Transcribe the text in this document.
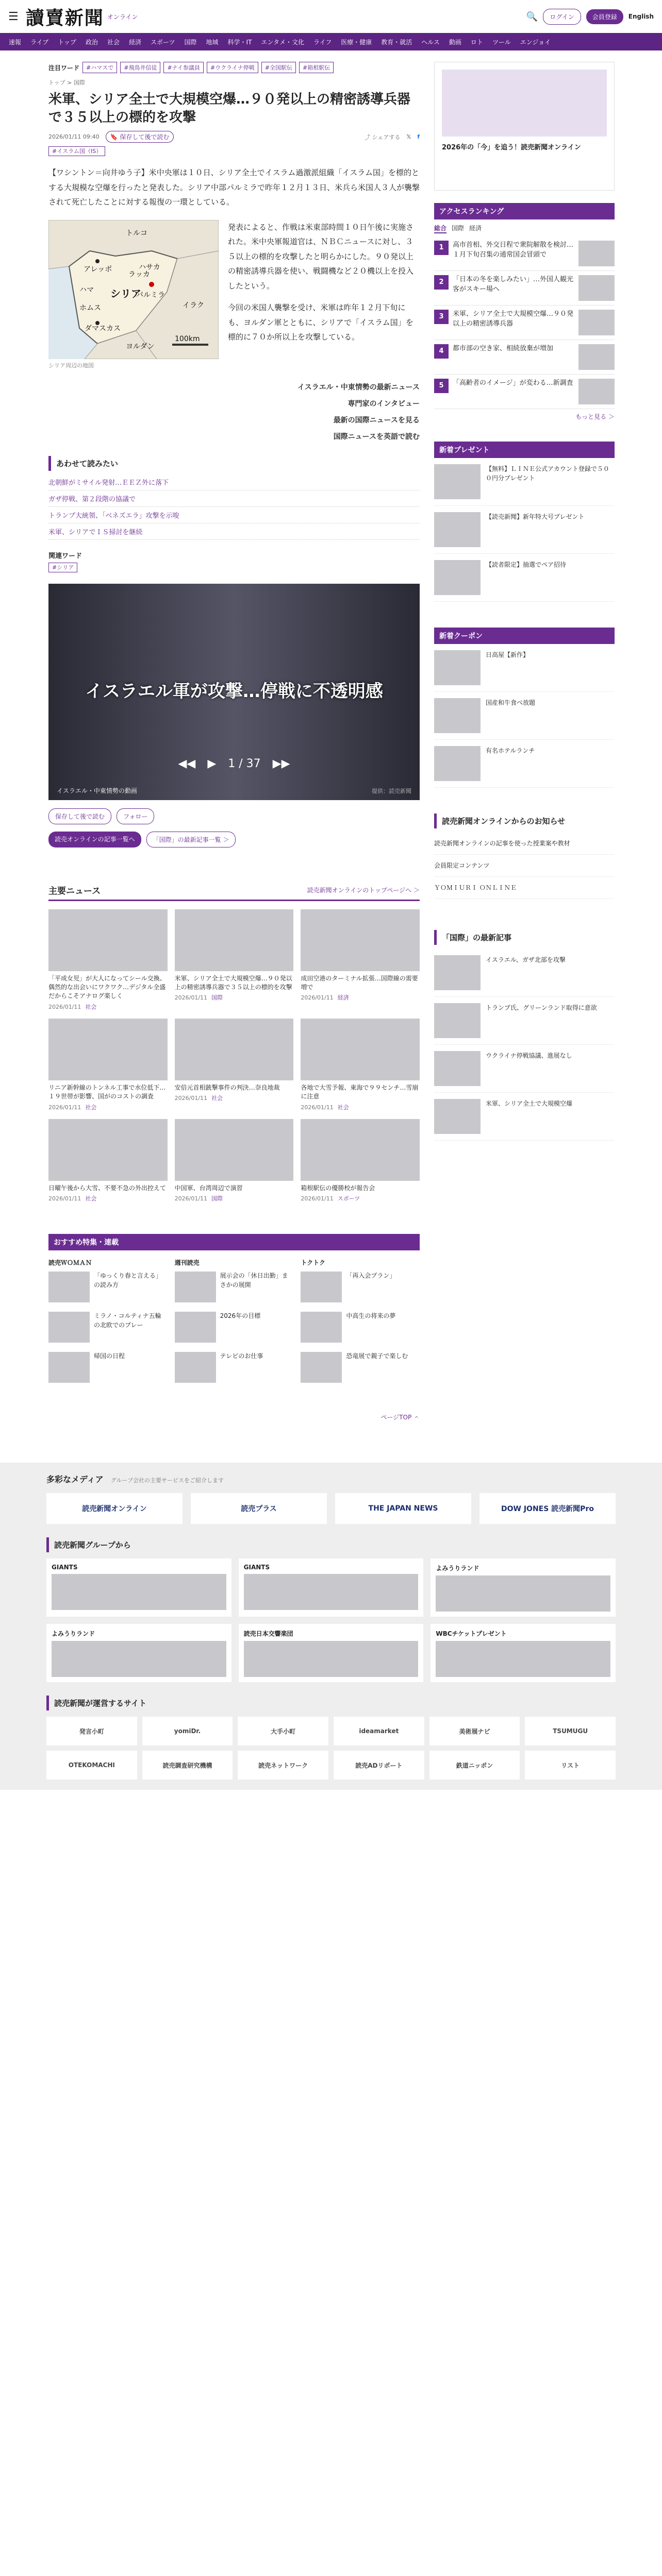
☰ 讀賣新聞 オンライン	🔍	ログイン	会員登録	English
速報	ライブ	トップ	政治	社会	経済	スポーツ	国際	地域	科学・IT	エンタメ・文化	ライフ	医療・健康	教育・就活	ヘルス	動画	ロト	ツール	エンジョイ
注目ワード	#ハマスで	#飛鳥井信徒	#ナイ参議員	#ウクライナ停戦	#全国駅伝	#箱根駅伝
トップ > 国際
米軍、シリア全土で大規模空爆…９０発以上の精密誘導兵器で３５以上の標的を攻撃
2026/01/11 09:40	🔖 保存して後で読む	⤴ シェアする 𝕏 f
#イスラム国（IS）

【ワシントン＝向井ゆう子】米中央軍は１０日、シリア全土でイスラム過激派組織「イスラム国」を標的とする大規模な空爆を行ったと発表した。シリア中部パルミラで昨年１２月１３日、米兵ら米国人３人が襲撃されて死亡したことに対する報復の一環としている。

トルコ
ハサカ
アレッポ
ラッカ
ハマ シリア
ホムス
パルミラ
ダマスカス
イラク
ヨルダン
100km
シリア周辺の地図

発表によると、作戦は米東部時間１０日午後に実施された。米中央軍報道官は、ＮＢＣニュースに対し、３５以上の標的を攻撃したと明らかにした。９０発以上の精密誘導兵器を使い、戦闘機など２０機以上を投入したという。

今回の米国人襲撃を受け、米軍は昨年１２月下旬にも、ヨルダン軍とともに、シリアで「イスラム国」を標的に７０か所以上を攻撃している。

イスラエル・中東情勢の最新ニュース
専門家のインタビュー
最新の国際ニュースを見る
国際ニュースを英語で読む
あわせて読みたい
北朝鮮がミサイル発射…ＥＥＺ外に落下
ガザ停戦、第２段階の協議で
トランプ大統領、「ベネズエラ」攻撃を示唆
米軍、シリアでＩＳ掃討を継続
関連ワード
#シリア
イスラエル軍が攻撃…停戦に不透明感
◀◀ ▶ 1 / 37 ▶▶
イスラエル・中東情勢の動画	提供：読売新聞
保存して後で読む	フォロー
読売オンラインの記事一覧へ	「国際」の最新記事一覧 ＞
主要ニュース	読売新聞オンラインのトップページへ ＞
「平成女児」が大人になってシール交換、偶然的な出会いにワクワク…デジタル全盛だからこそアナログ楽しく
2026/01/11 社会
米軍、シリア全土で大規模空爆…９０発以上の精密誘導兵器で３５以上の標的を攻撃
2026/01/11 国際
成田空港のターミナル拡張…国際線の需要増で
2026/01/11 経済
リニア新幹線のトンネル工事で水位低下…１９世帯が影響、国がのコストの調査
2026/01/11 社会
安倍元首相銃撃事件の判決…奈良地裁
2026/01/11 社会
各地で大雪予報、東海で９９センチ…雪崩に注意
2026/01/11 社会
日曜午後から大雪、不要不急の外出控えて
2026/01/11 社会
中国軍、台湾周辺で演習
2026/01/11 国際
箱根駅伝の優勝校が報告会
2026/01/11 スポーツ
おすすめ特集・連載
読売ＷＯＭＡＮ
「ゆっくり春と言える」の読み方
ミラノ・コルティナ五輪の北欧でのプレー
帰国の日程
週刊読売
展示会の「休日出勤」まさかの展開
2026年の目標
テレビのお仕事
トクトク
「再入会プラン」
中高生の将来の夢
恐竜展で親子で楽しむ
ページTOP ＾

2026年の「今」を追う！読売新聞オンライン

アクセスランキング
総合 国際 経済
1	高市首相、外交日程で衆院解散を検討…１月下旬召集の通常国会冒頭で
2	「日本の冬を楽しみたい」…外国人観光客がスキー場へ
3	米軍、シリア全土で大規模空爆…９０発以上の精密誘導兵器
4	都市部の空き家、相続放棄が増加
5	「高齢者のイメージ」が変わる…新調査
もっと見る ＞
新着プレゼント
【無料】ＬＩＮＥ公式アカウント登録で５００円分プレゼント
【読売新聞】新年特大号プレゼント
【読者限定】抽選でペア招待
新着クーポン
日高屋【新作】
国産和牛食べ放題
有名ホテルランチ
読売新聞オンラインからのお知らせ
読売新聞オンラインの記事を使った授業案や教材
会員限定コンテンツ
ＹＯＭＩＵＲＩ ＯＮＬＩＮＥ
「国際」の最新記事
イスラエル、ガザ北部を攻撃
トランプ氏、グリーンランド取得に意欲
ウクライナ停戦協議、進展なし
米軍、シリア全土で大規模空爆
多彩なメディア グループ会社の主要サービスをご紹介します
読売新聞オンライン	読売プラス	THE JAPAN NEWS	DOW JONES 読売新聞Pro
読売新聞グループから
GIANTS	GIANTS	よみうりランド
よみうりランド	読売日本交響楽団	WBCチケットプレゼント
読売新聞が運営するサイト
発言小町	yomiDr.	大手小町	ideamarket	美術展ナビ	TSUMUGU
OTEKOMACHI	読売調査研究機構	読売ネットワーク	読売ADリポート	鉄道ニッポン	リスト
